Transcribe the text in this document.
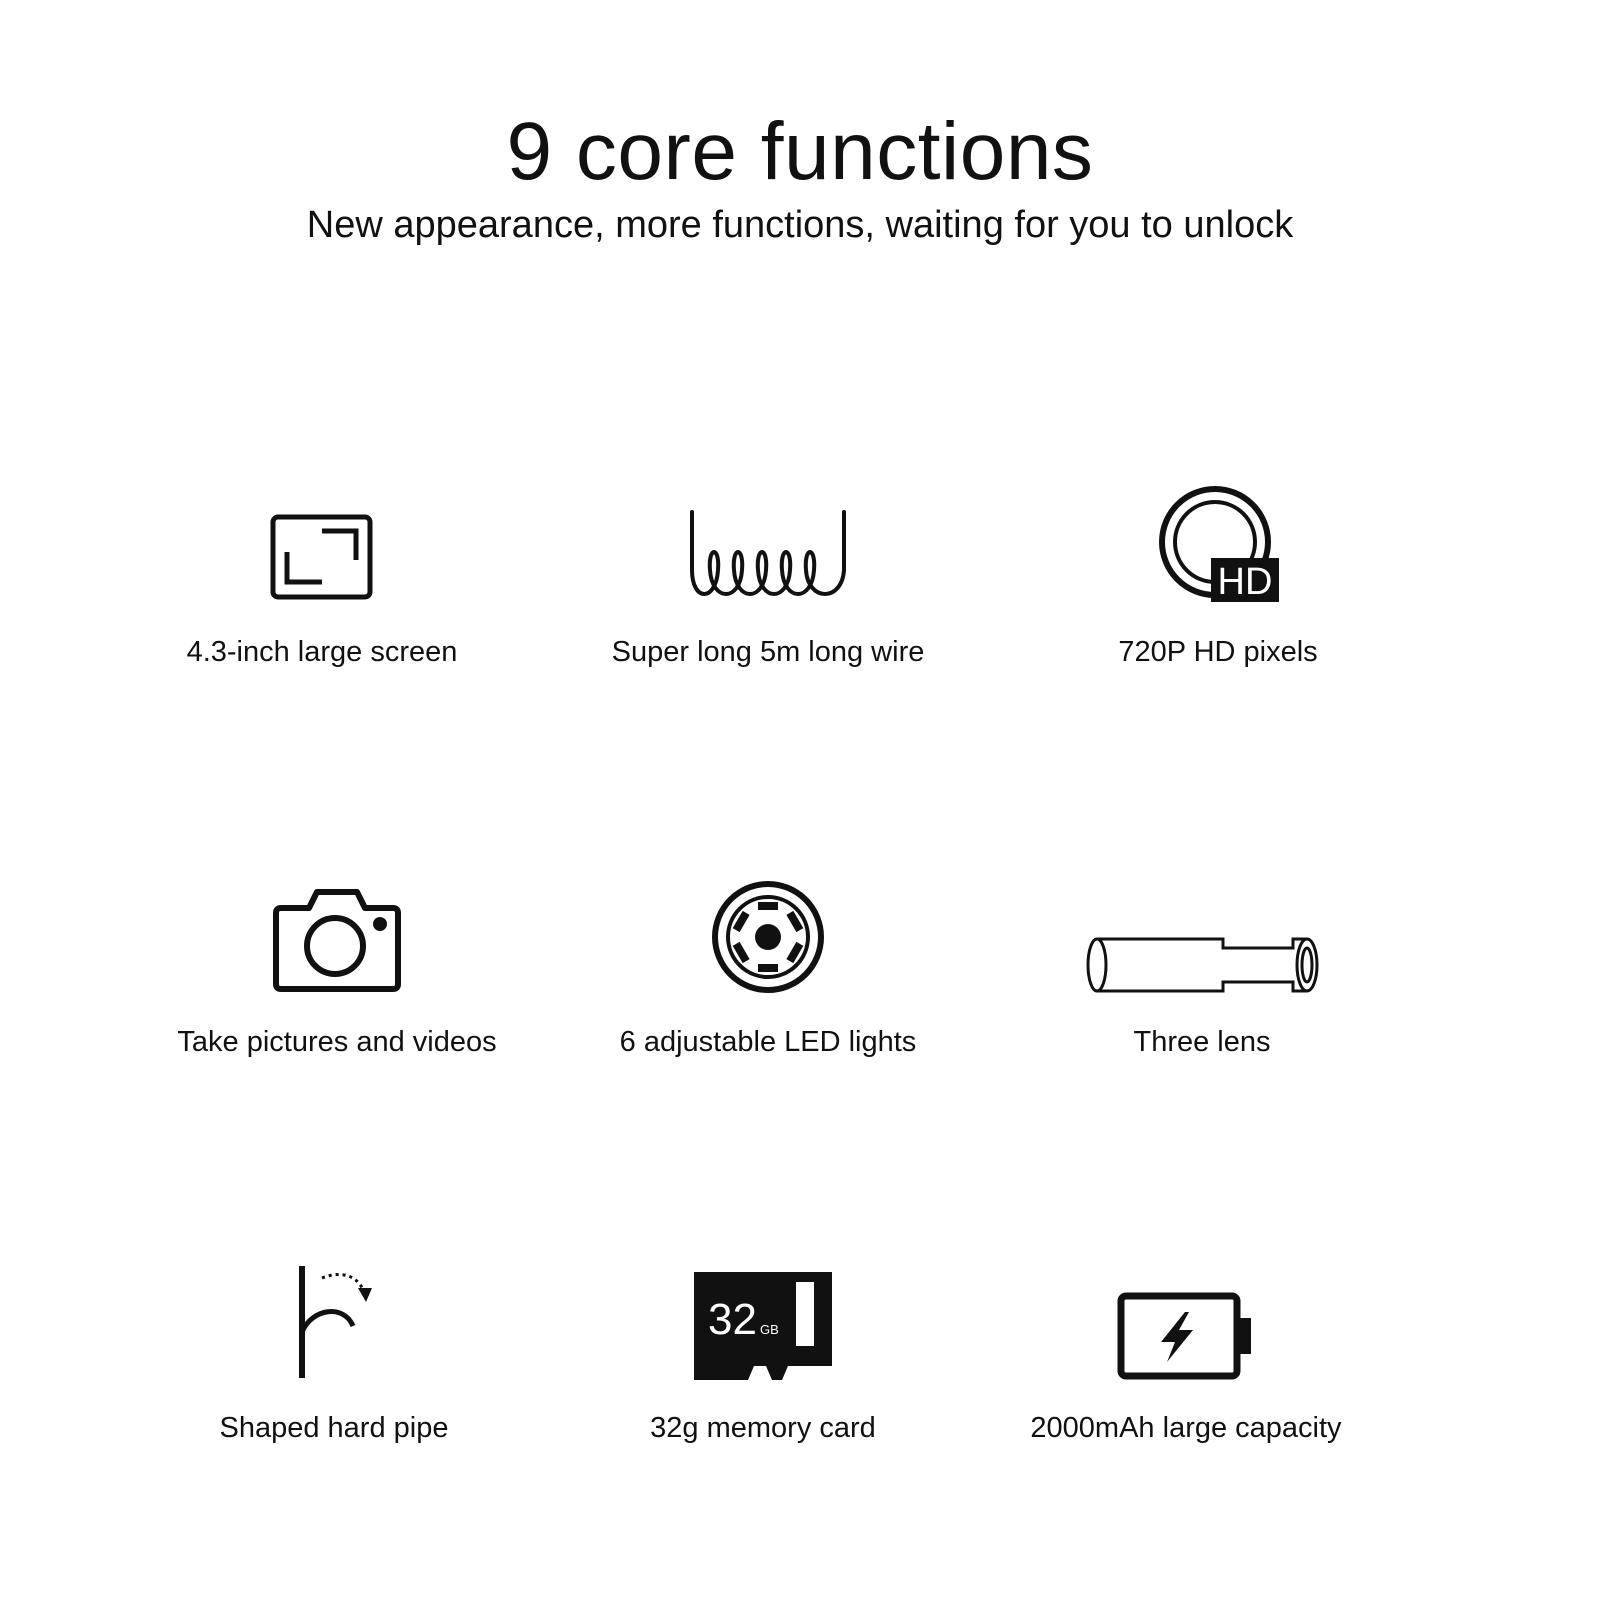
9 core functions

New appearance, more functions, waiting for you to unlock

4.3-inch large screen	Super long 5m long wire
HD
720P HD pixels
Take pictures and videos	6 adjustable LED lights	Three lens
Shaped hard pipe
32 GB
32g memory card	2000mAh large capacity
